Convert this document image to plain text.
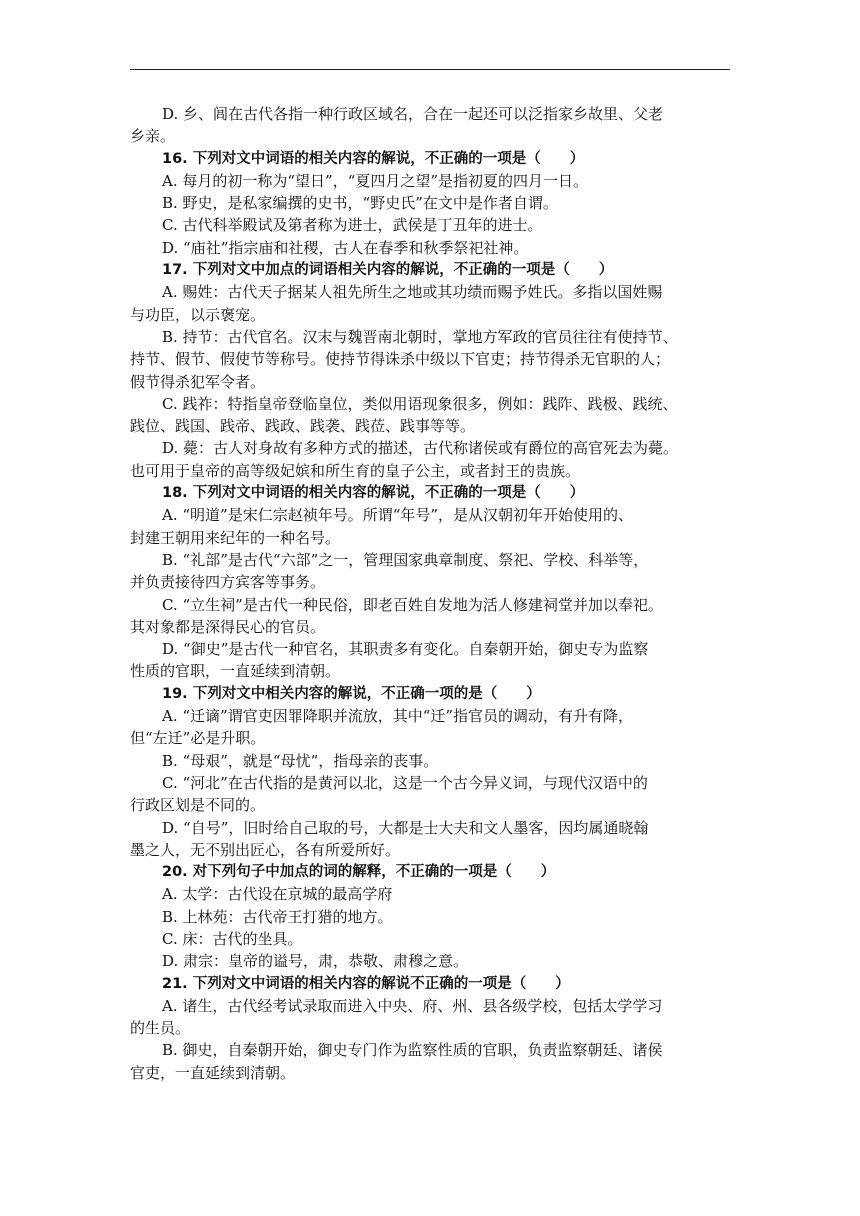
D. 乡、闾在古代各指一种行政区域名，合在一起还可以泛指家乡故里、父老
乡亲。
16. 下列对文中词语的相关内容的解说，不正确的一项是（　　）
A. 每月的初一称为“望日”，“夏四月之望”是指初夏的四月一日。
B. 野史，是私家编撰的史书，“野史氏”在文中是作者自谓。
C. 古代科举殿试及第者称为进士，武侯是丁丑年的进士。
D. “庙社”指宗庙和社稷，古人在春季和秋季祭祀社神。
17. 下列对文中加点的词语相关内容的解说，不正确的一项是（　　）
A. 赐姓：古代天子据某人祖先所生之地或其功绩而赐予姓氏。多指以国姓赐
与功臣，以示褒宠。
B. 持节：古代官名。汉末与魏晋南北朝时，掌地方军政的官员往往有使持节、
持节、假节、假使节等称号。使持节得诛杀中级以下官吏；持节得杀无官职的人；
假节得杀犯军令者。
C. 践祚：特指皇帝登临皇位，类似用语现象很多，例如：践阼、践极、践统、
践位、践国、践帝、践政、践袭、践莅、践事等等。
D. 薨：古人对身故有多种方式的描述，古代称诸侯或有爵位的高官死去为薨。
也可用于皇帝的高等级妃嫔和所生育的皇子公主，或者封王的贵族。
18. 下列对文中词语的相关内容的解说，不正确的一项是（　　）
A. “明道”是宋仁宗赵祯年号。所谓“年号”，是从汉朝初年开始使用的、
封建王朝用来纪年的一种名号。
B. “礼部”是古代“六部”之一，管理国家典章制度、祭祀、学校、科举等，
并负责接待四方宾客等事务。
C. “立生祠”是古代一种民俗，即老百姓自发地为活人修建祠堂并加以奉祀。
其对象都是深得民心的官员。
D. “御史”是古代一种官名，其职责多有变化。自秦朝开始，御史专为监察
性质的官职，一直延续到清朝。
19. 下列对文中相关内容的解说，不正确一项的是（　　）
A. “迁谪”谓官吏因罪降职并流放，其中“迁”指官员的调动，有升有降，
但“左迁”必是升职。
B. “母艰”，就是“母忧”，指母亲的丧事。
C. “河北”在古代指的是黄河以北，这是一个古今异义词，与现代汉语中的
行政区划是不同的。
D. “自号”，旧时给自己取的号，大都是士大夫和文人墨客，因均属通晓翰
墨之人，无不别出匠心，各有所爱所好。
20. 对下列句子中加点的词的解释，不正确的一项是（　　）
A. 太学：古代设在京城的最高学府
B. 上林苑：古代帝王打猎的地方。
C. 床：古代的坐具。
D. 肃宗：皇帝的谥号，肃，恭敬、肃穆之意。
21. 下列对文中词语的相关内容的解说不正确的一项是（　　）
A. 诸生，古代经考试录取而进入中央、府、州、县各级学校，包括太学学习
的生员。
B. 御史，自秦朝开始，御史专门作为监察性质的官职，负责监察朝廷、诸侯
官吏，一直延续到清朝。
